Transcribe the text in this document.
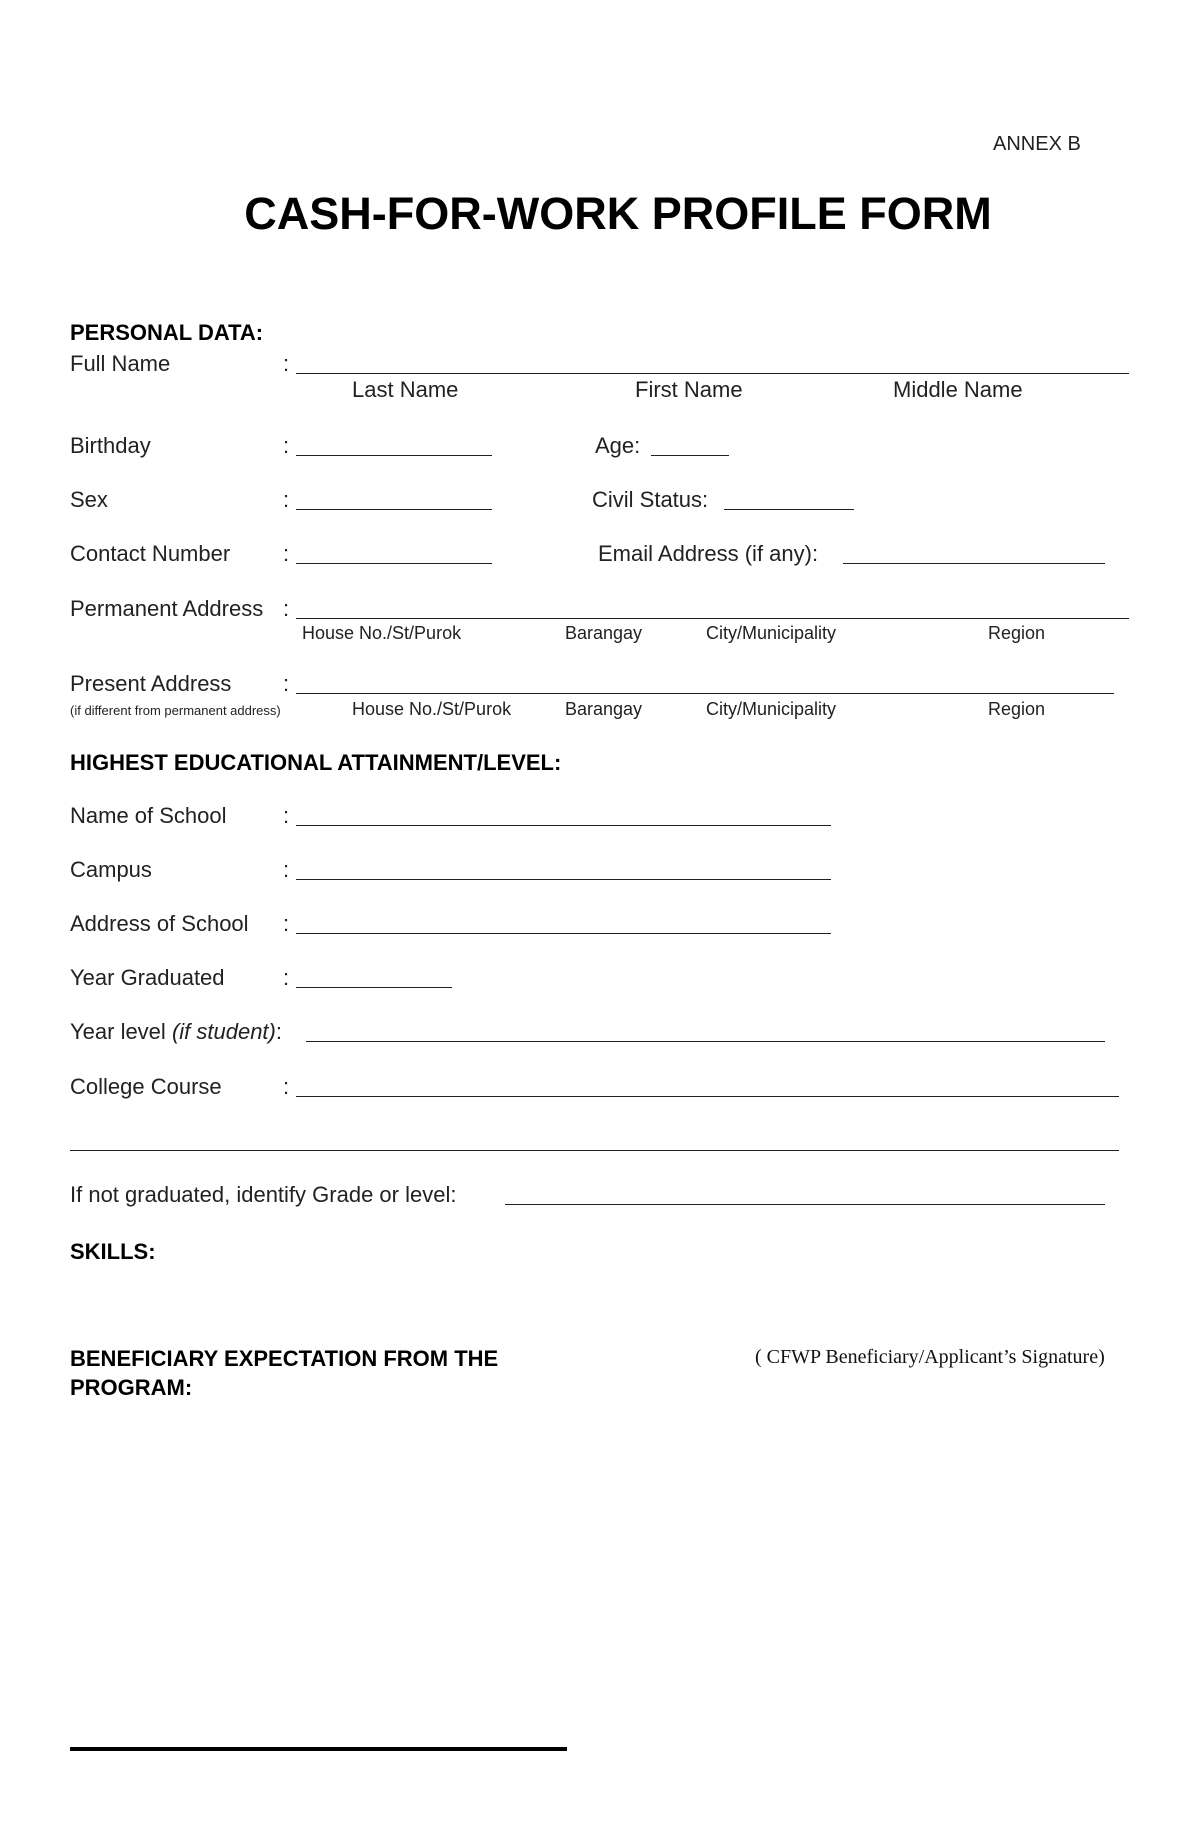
ANNEX B
CASH-FOR-WORK PROFILE FORM
PERSONAL DATA:
Full Name	:
Last Name	First Name	Middle Name
Birthday	:	Age:
Sex	:	Civil Status:
Contact Number :	Email Address (if any):
Permanent Address :
House No./St/Purok	Barangay	City/Municipality	Region
Present Address :
(if different from permanent address)	House No./St/Purok	Barangay	City/Municipality	Region
HIGHEST EDUCATIONAL ATTAINMENT/LEVEL:
Name of School	:
Campus	:
Address of School :
Year Graduated	:
Year level (if student):
College Course	:
If not graduated, identify Grade or level:
SKILLS:
BENEFICIARY EXPECTATION FROM THE
PROGRAM:
( CFWP Beneficiary/Applicant’s Signature)
